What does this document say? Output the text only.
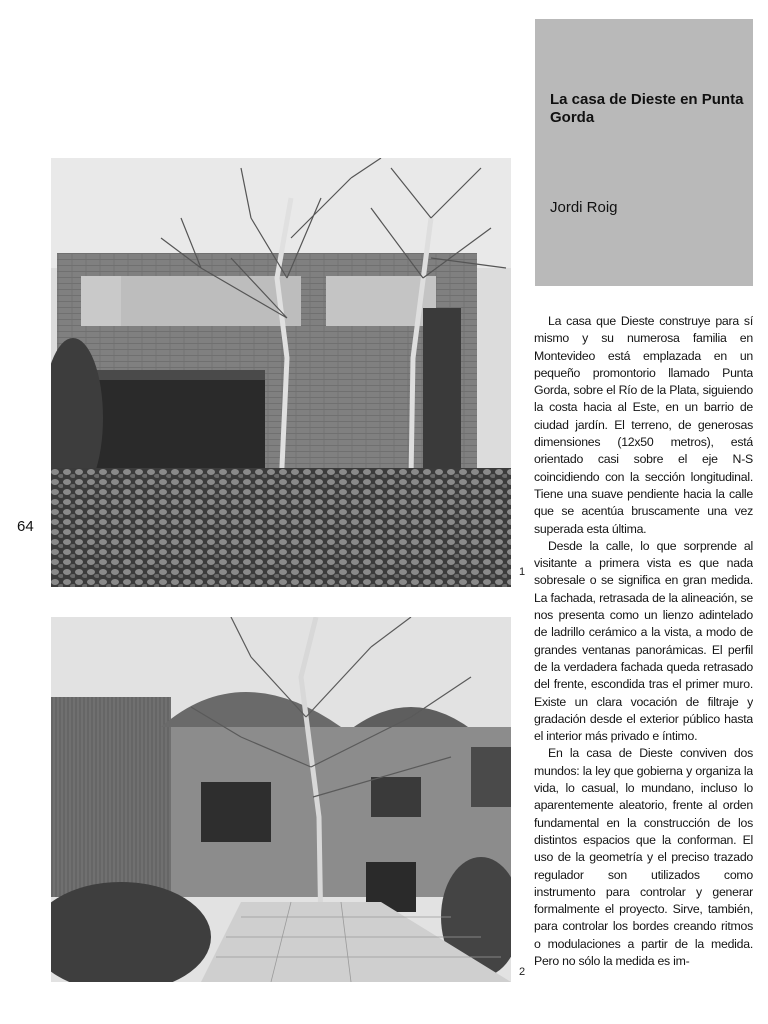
La casa de Dieste en Punta Gorda
Jordi Roig
64
1
2

La casa que Dieste construye para sí mismo y su numerosa familia en Montevideo está emplazada en un pequeño promontorio llamado Punta Gorda, sobre el Río de la Plata, siguiendo la costa hacia al Este, en un barrio de ciudad jardín. El terreno, de generosas dimensiones (12x50 metros), está orientado casi sobre el eje N-S coincidiendo con la sección longitudinal. Tiene una suave pendiente hacia la calle que se acentúa bruscamente una vez superada esta última.

Desde la calle, lo que sorprende al visitante a primera vista es que nada sobresale o se significa en gran medida. La fachada, retrasada de la alineación, se nos presenta como un lienzo adintelado de ladrillo cerámico a la vista, a modo de grandes ventanas panorámicas. El perfil de la verdadera fachada queda retrasado del frente, escondida tras el primer muro. Existe un clara vocación de filtraje y gradación desde el exterior público hasta el interior más privado e íntimo.

En la casa de Dieste conviven dos mundos: la ley que gobierna y organiza la vida, lo casual, lo mundano, incluso lo aparentemente aleatorio, frente al orden fundamental en la construcción de los distintos espacios que la conforman. El uso de la geometría y el preciso trazado regulador son utilizados como instrumento para controlar y generar formalmente el proyecto. Sirve, también, para controlar los bordes creando ritmos o modulaciones a partir de la medida. Pero no sólo la medida es im-
